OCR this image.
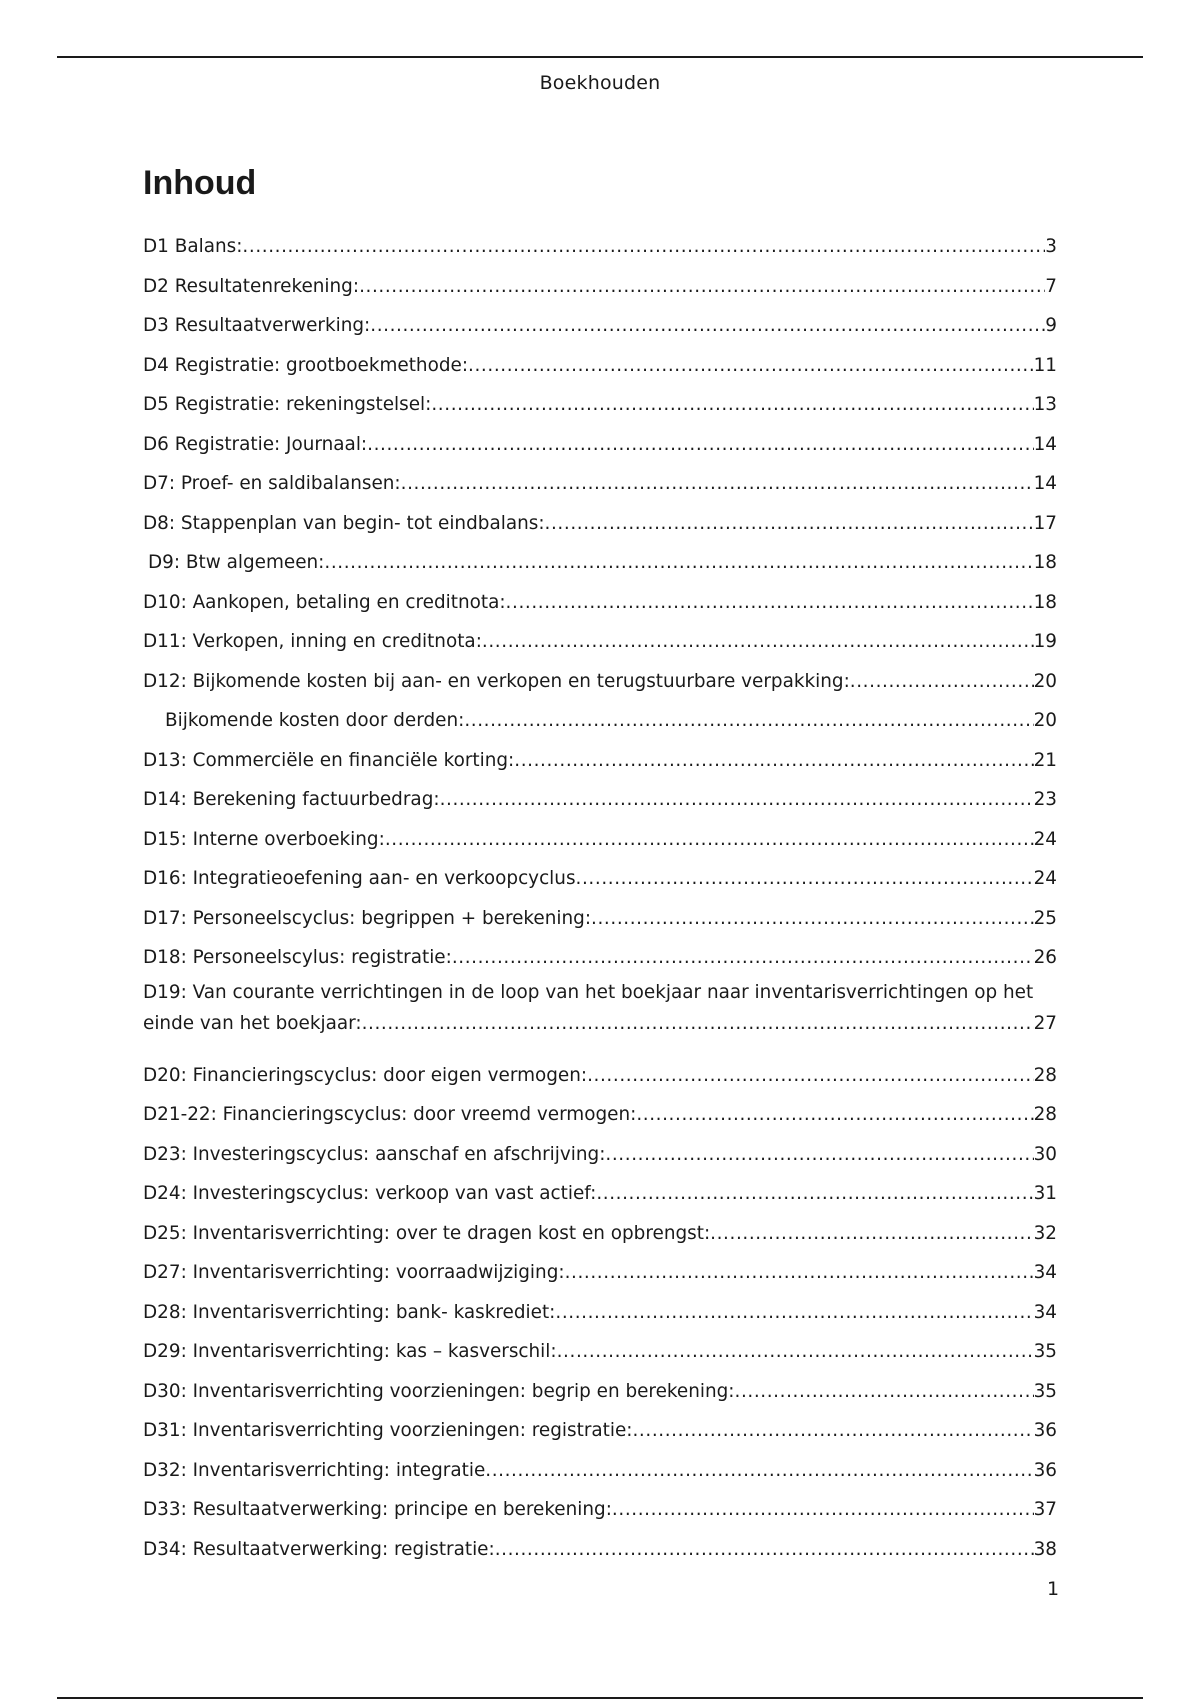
Boekhouden
Inhoud
D1 Balans: .....	3
D2 Resultatenrekening: .....	7
D3 Resultaatverwerking: .....	9
D4 Registratie: grootboekmethode: .....	11
D5 Registratie: rekeningstelsel: .....	13
D6 Registratie: Journaal: .....	14
D7: Proef- en saldibalansen: .....	14
D8: Stappenplan van begin- tot eindbalans: .....	17
D9: Btw algemeen: .....	18
D10: Aankopen, betaling en creditnota: .....	18
D11: Verkopen, inning en creditnota: .....	19
D12: Bijkomende kosten bij aan- en verkopen en terugstuurbare verpakking: .....	20
Bijkomende kosten door derden: .....	20
D13: Commerciële en financiële korting: .....	21
D14: Berekening factuurbedrag: .....	23
D15: Interne overboeking: .....	24
D16: Integratieoefening aan- en verkoopcyclus .....	24
D17: Personeelscyclus: begrippen + berekening: .....	25
D18: Personeelscylus: registratie: .....	26
D19: Van courante verrichtingen in de loop van het boekjaar naar inventarisverrichtingen op het
einde van het boekjaar: .....	27
D20: Financieringscyclus: door eigen vermogen: .....	28
D21-22: Financieringscyclus: door vreemd vermogen: .....	28
D23: Investeringscyclus: aanschaf en afschrijving: .....	30
D24: Investeringscyclus: verkoop van vast actief: .....	31
D25: Inventarisverrichting: over te dragen kost en opbrengst: .....	32
D27: Inventarisverrichting: voorraadwijziging: .....	34
D28: Inventarisverrichting: bank- kaskrediet: .....	34
D29: Inventarisverrichting: kas – kasverschil: .....	35
D30: Inventarisverrichting voorzieningen: begrip en berekening: .....	35
D31: Inventarisverrichting voorzieningen: registratie: .....	36
D32: Inventarisverrichting: integratie .....	36
D33: Resultaatverwerking: principe en berekening: .....	37
D34: Resultaatverwerking: registratie: .....	38
1
